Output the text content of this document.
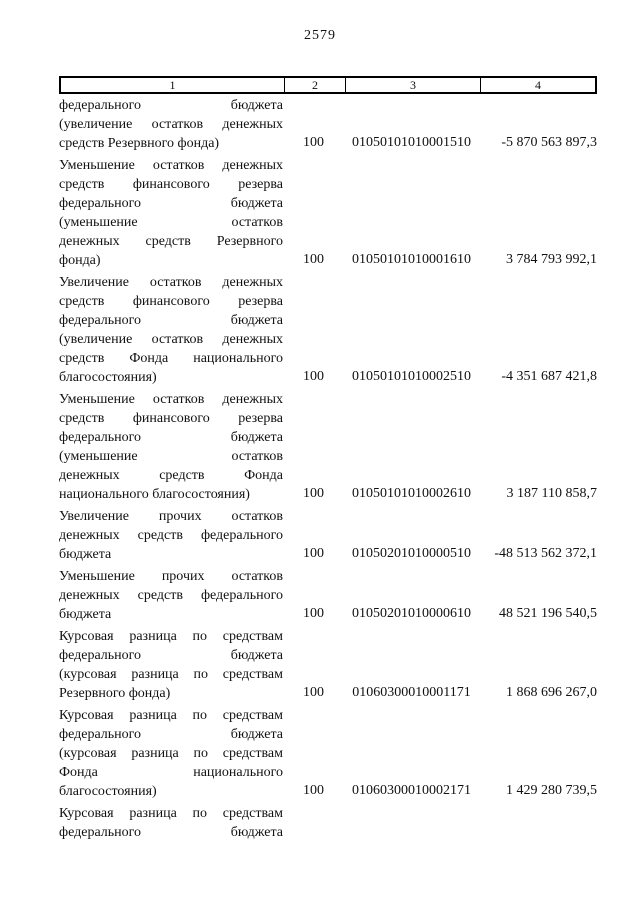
2579
1	2	3	4
федерального бюджета
(увеличение остатков денежных
средств Резервного фонда)	100	01050101010001510	-5 870 563 897,3
Уменьшение остатков денежных
средств финансового резерва
федерального бюджета
(уменьшение остатков
денежных средств Резервного
фонда)	100	01050101010001610	3 784 793 992,1
Увеличение остатков денежных
средств финансового резерва
федерального бюджета
(увеличение остатков денежных
средств Фонда национального
благосостояния)	100	01050101010002510	-4 351 687 421,8
Уменьшение остатков денежных
средств финансового резерва
федерального бюджета
(уменьшение остатков
денежных средств Фонда
национального благосостояния)	100	01050101010002610	3 187 110 858,7
Увеличение прочих остатков
денежных средств федерального
бюджета	100	01050201010000510	-48 513 562 372,1
Уменьшение прочих остатков
денежных средств федерального
бюджета	100	01050201010000610	48 521 196 540,5
Курсовая разница по средствам
федерального бюджета
(курсовая разница по средствам
Резервного фонда)	100	01060300010001171	1 868 696 267,0
Курсовая разница по средствам
федерального бюджета
(курсовая разница по средствам
Фонда национального
благосостояния)	100	01060300010002171	1 429 280 739,5
Курсовая разница по средствам
федерального бюджета
